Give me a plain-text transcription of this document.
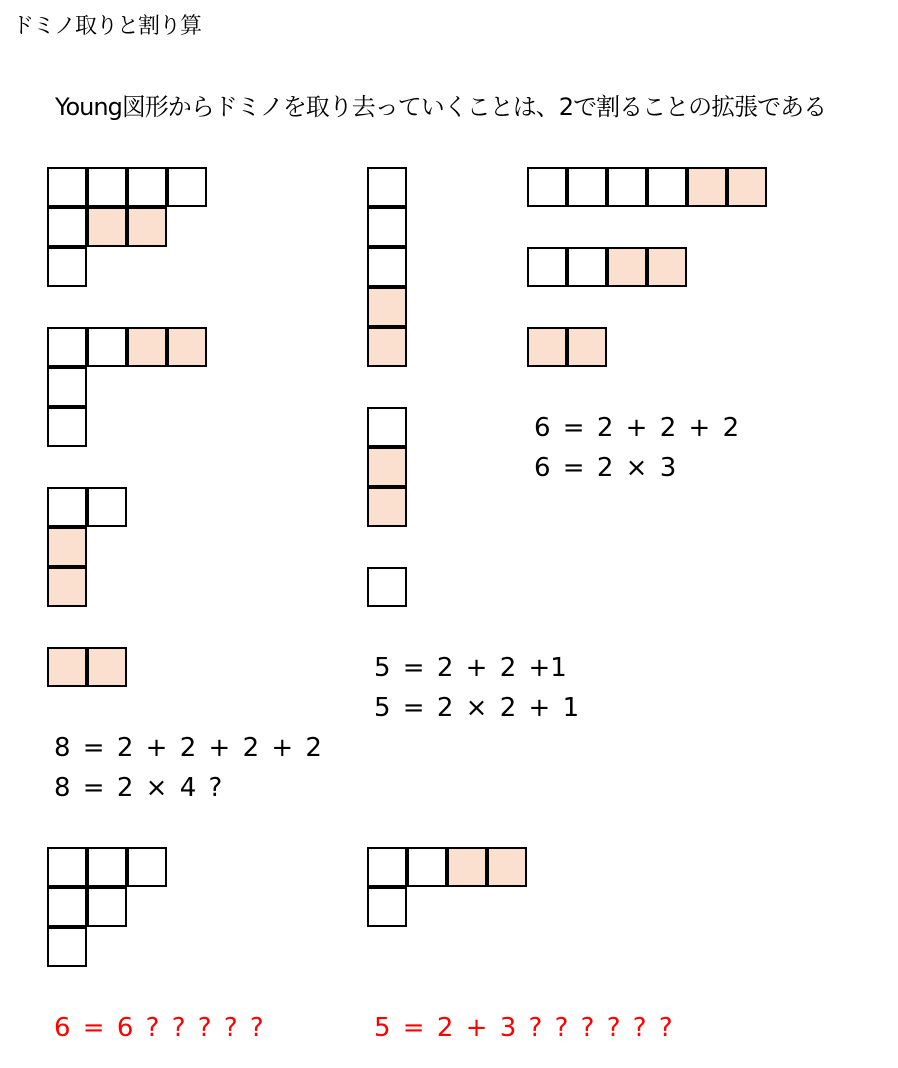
ドミノ取りと割り算
Young図形からドミノを取り去っていくことは、2で割ることの拡張である
6 = 2 + 2 + 2
6 = 2 × 3
5 = 2 + 2 +1
5 = 2 × 2 + 1
8 = 2 + 2 + 2 + 2
8 = 2 × 4 ?
6 = 6 ? ? ? ? ?	5 = 2 + 3 ? ? ? ? ? ?
